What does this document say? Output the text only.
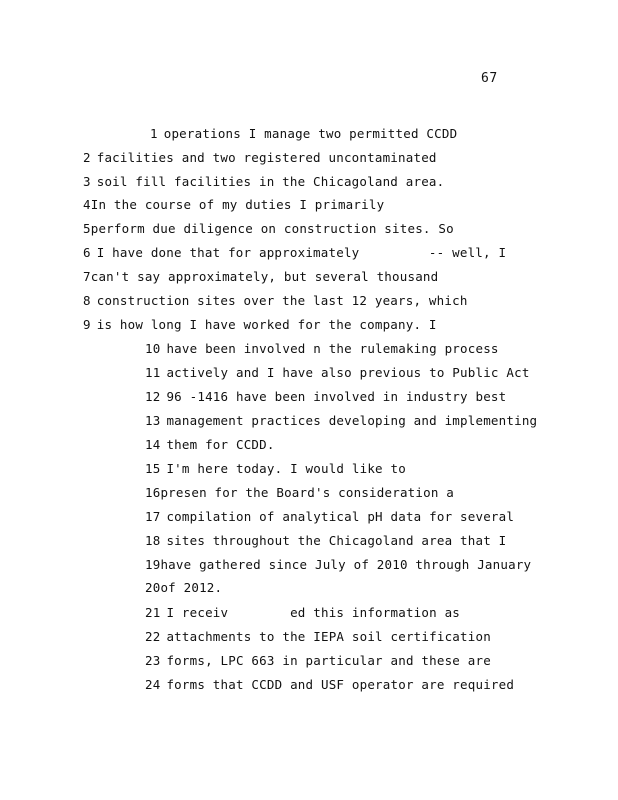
67
1 operations I manage two permitted CCDD
2 facilities and two registered uncontaminated
3 soil fill facilities in the Chicagoland area.
4In the course of my duties I primarily
5perform due diligence on construction sites. So
6 I have done that for approximately         -- well, I
7can't say approximately, but several thousand
8 construction sites over the last 12 years, which
9 is how long I have worked for the company. I
10 have been involved n the rulemaking process
11 actively and I have also previous to Public Act
12 96 -1416 have been involved in industry best
13 management practices developing and implementing
14 them for CCDD.
15 I'm here today. I would like to
16presen for the Board's consideration a
17 compilation of analytical pH data for several
18 sites throughout the Chicagoland area that I
19have gathered since July of 2010 through January
20of 2012.
21 I receiv        ed this information as
22 attachments to the IEPA soil certification
23 forms, LPC 663 in particular and these are
24 forms that CCDD and USF operator are required
